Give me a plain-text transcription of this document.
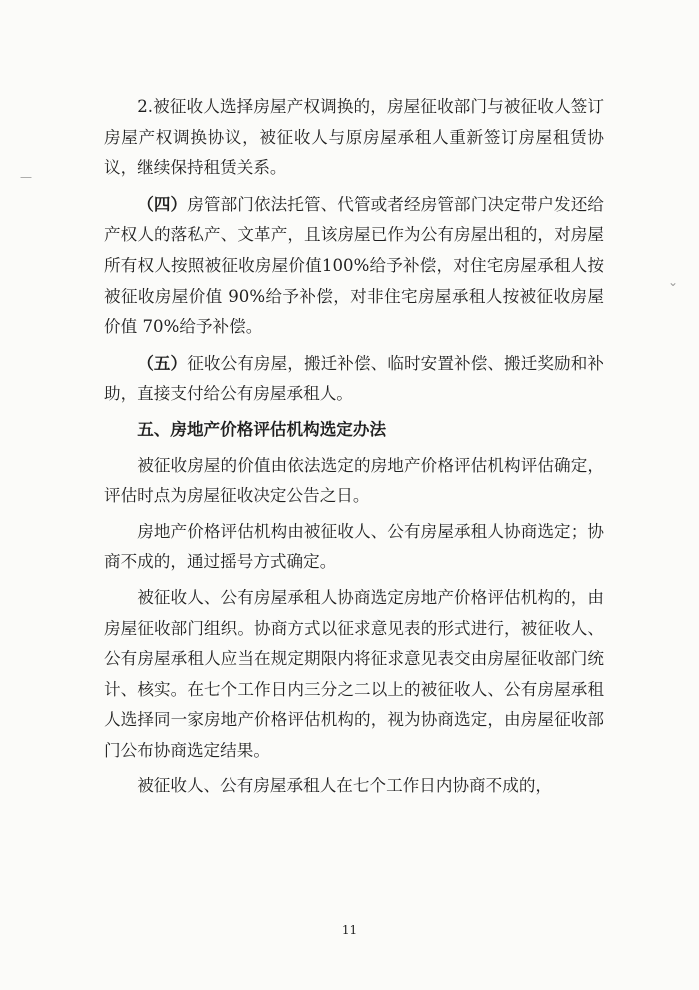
—
⌄

2.被征收人选择房屋产权调换的，房屋征收部门与被征收人签订房屋产权调换协议，被征收人与原房屋承租人重新签订房屋租赁协议，继续保持租赁关系。

（四）房管部门依法托管、代管或者经房管部门决定带户发还给产权人的落私产、文革产，且该房屋已作为公有房屋出租的，对房屋所有权人按照被征收房屋价值100%给予补偿，对住宅房屋承租人按被征收房屋价值 90%给予补偿，对非住宅房屋承租人按被征收房屋价值 70%给予补偿。

（五）征收公有房屋，搬迁补偿、临时安置补偿、搬迁奖励和补助，直接支付给公有房屋承租人。

五、房地产价格评估机构选定办法

被征收房屋的价值由依法选定的房地产价格评估机构评估确定，评估时点为房屋征收决定公告之日。

房地产价格评估机构由被征收人、公有房屋承租人协商选定；协商不成的，通过摇号方式确定。

被征收人、公有房屋承租人协商选定房地产价格评估机构的，由房屋征收部门组织。协商方式以征求意见表的形式进行，被征收人、公有房屋承租人应当在规定期限内将征求意见表交由房屋征收部门统计、核实。在七个工作日内三分之二以上的被征收人、公有房屋承租人选择同一家房地产价格评估机构的，视为协商选定，由房屋征收部门公布协商选定结果。

被征收人、公有房屋承租人在七个工作日内协商不成的，

11
